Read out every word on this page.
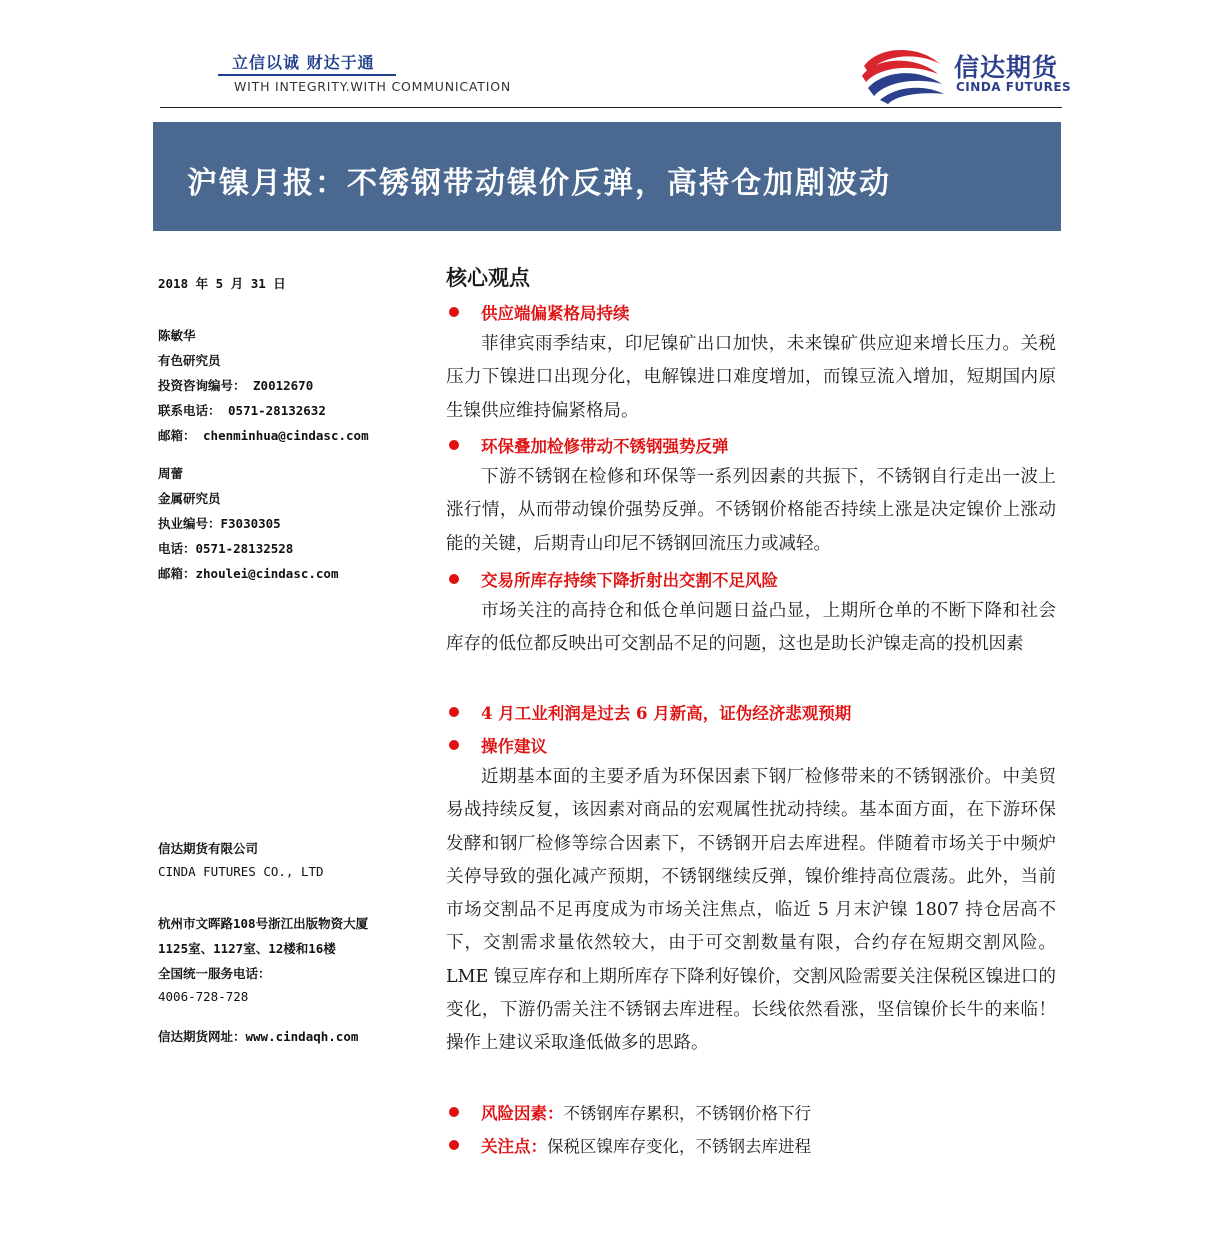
立信以诚 财达于通
WITH INTEGRITY.WITH COMMUNICATION
信达期货
CINDA FUTURES
沪镍月报：不锈钢带动镍价反弹，高持仓加剧波动
2018 年 5 月 31 日
陈敏华
有色研究员
投资咨询编号： Z0012670
联系电话： 0571-28132632
邮箱： chenminhua@cindasc.com
周蕾
金属研究员
执业编号：F3030305
电话：0571-28132528
邮箱：zhoulei@cindasc.com
信达期货有限公司
CINDA FUTURES CO., LTD
杭州市文晖路108号浙江出版物资大厦
1125室、1127室、12楼和16楼
全国统一服务电话：
4006-728-728
信达期货网址：www.cindaqh.com
核心观点
供应端偏紧格局持续
菲律宾雨季结束，印尼镍矿出口加快，未来镍矿供应迎来增长压力。关税压力下镍进口出现分化，电解镍进口难度增加，而镍豆流入增加，短期国内原生镍供应维持偏紧格局。
环保叠加检修带动不锈钢强势反弹
下游不锈钢在检修和环保等一系列因素的共振下，不锈钢自行走出一波上涨行情，从而带动镍价强势反弹。不锈钢价格能否持续上涨是决定镍价上涨动能的关键，后期青山印尼不锈钢回流压力或减轻。
交易所库存持续下降折射出交割不足风险
市场关注的高持仓和低仓单问题日益凸显，上期所仓单的不断下降和社会库存的低位都反映出可交割品不足的问题，这也是助长沪镍走高的投机因素
4 月工业利润是过去 6 月新高，证伪经济悲观预期
操作建议
近期基本面的主要矛盾为环保因素下钢厂检修带来的不锈钢涨价。中美贸易战持续反复，该因素对商品的宏观属性扰动持续。基本面方面，在下游环保发酵和钢厂检修等综合因素下，不锈钢开启去库进程。伴随着市场关于中频炉关停导致的强化减产预期，不锈钢继续反弹，镍价维持高位震荡。此外，当前市场交割品不足再度成为市场关注焦点，临近 5 月末沪镍 1807 持仓居高不下，交割需求量依然较大，由于可交割数量有限，合约存在短期交割风险。LME 镍豆库存和上期所库存下降利好镍价，交割风险需要关注保税区镍进口的变化，下游仍需关注不锈钢去库进程。长线依然看涨，坚信镍价长牛的来临！操作上建议采取逢低做多的思路。
风险因素：不锈钢库存累积，不锈钢价格下行
关注点：保税区镍库存变化，不锈钢去库进程
